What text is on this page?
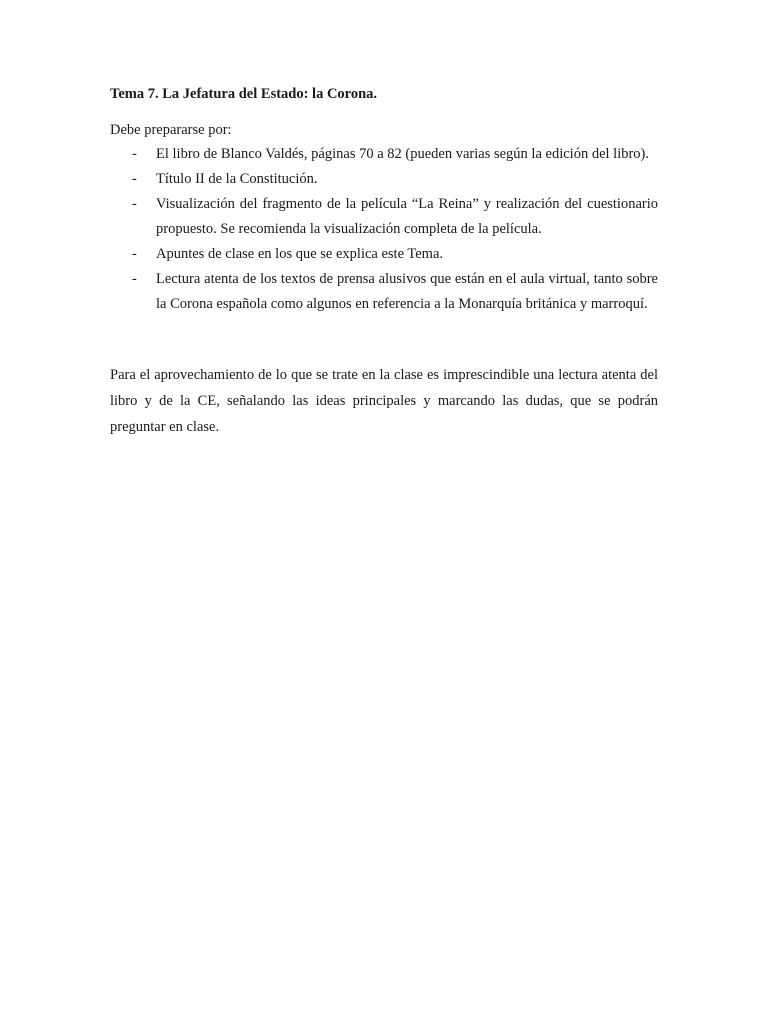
Tema 7. La Jefatura del Estado: la Corona.

Debe prepararse por:

-	El libro de Blanco Valdés, páginas 70 a 82 (pueden varias según la edición del libro).
-	Título II de la Constitución.
-	Visualización del fragmento de la película “La Reina” y realización del cuestionario propuesto. Se recomienda la visualización completa de la película.
-	Apuntes de clase en los que se explica este Tema.
-	Lectura atenta de los textos de prensa alusivos que están en el aula virtual, tanto sobre la Corona española como algunos en referencia a la Monarquía británica y marroquí.

Para el aprovechamiento de lo que se trate en la clase es imprescindible una lectura atenta del libro y de la CE, señalando las ideas principales y marcando las dudas, que se podrán preguntar en clase.
